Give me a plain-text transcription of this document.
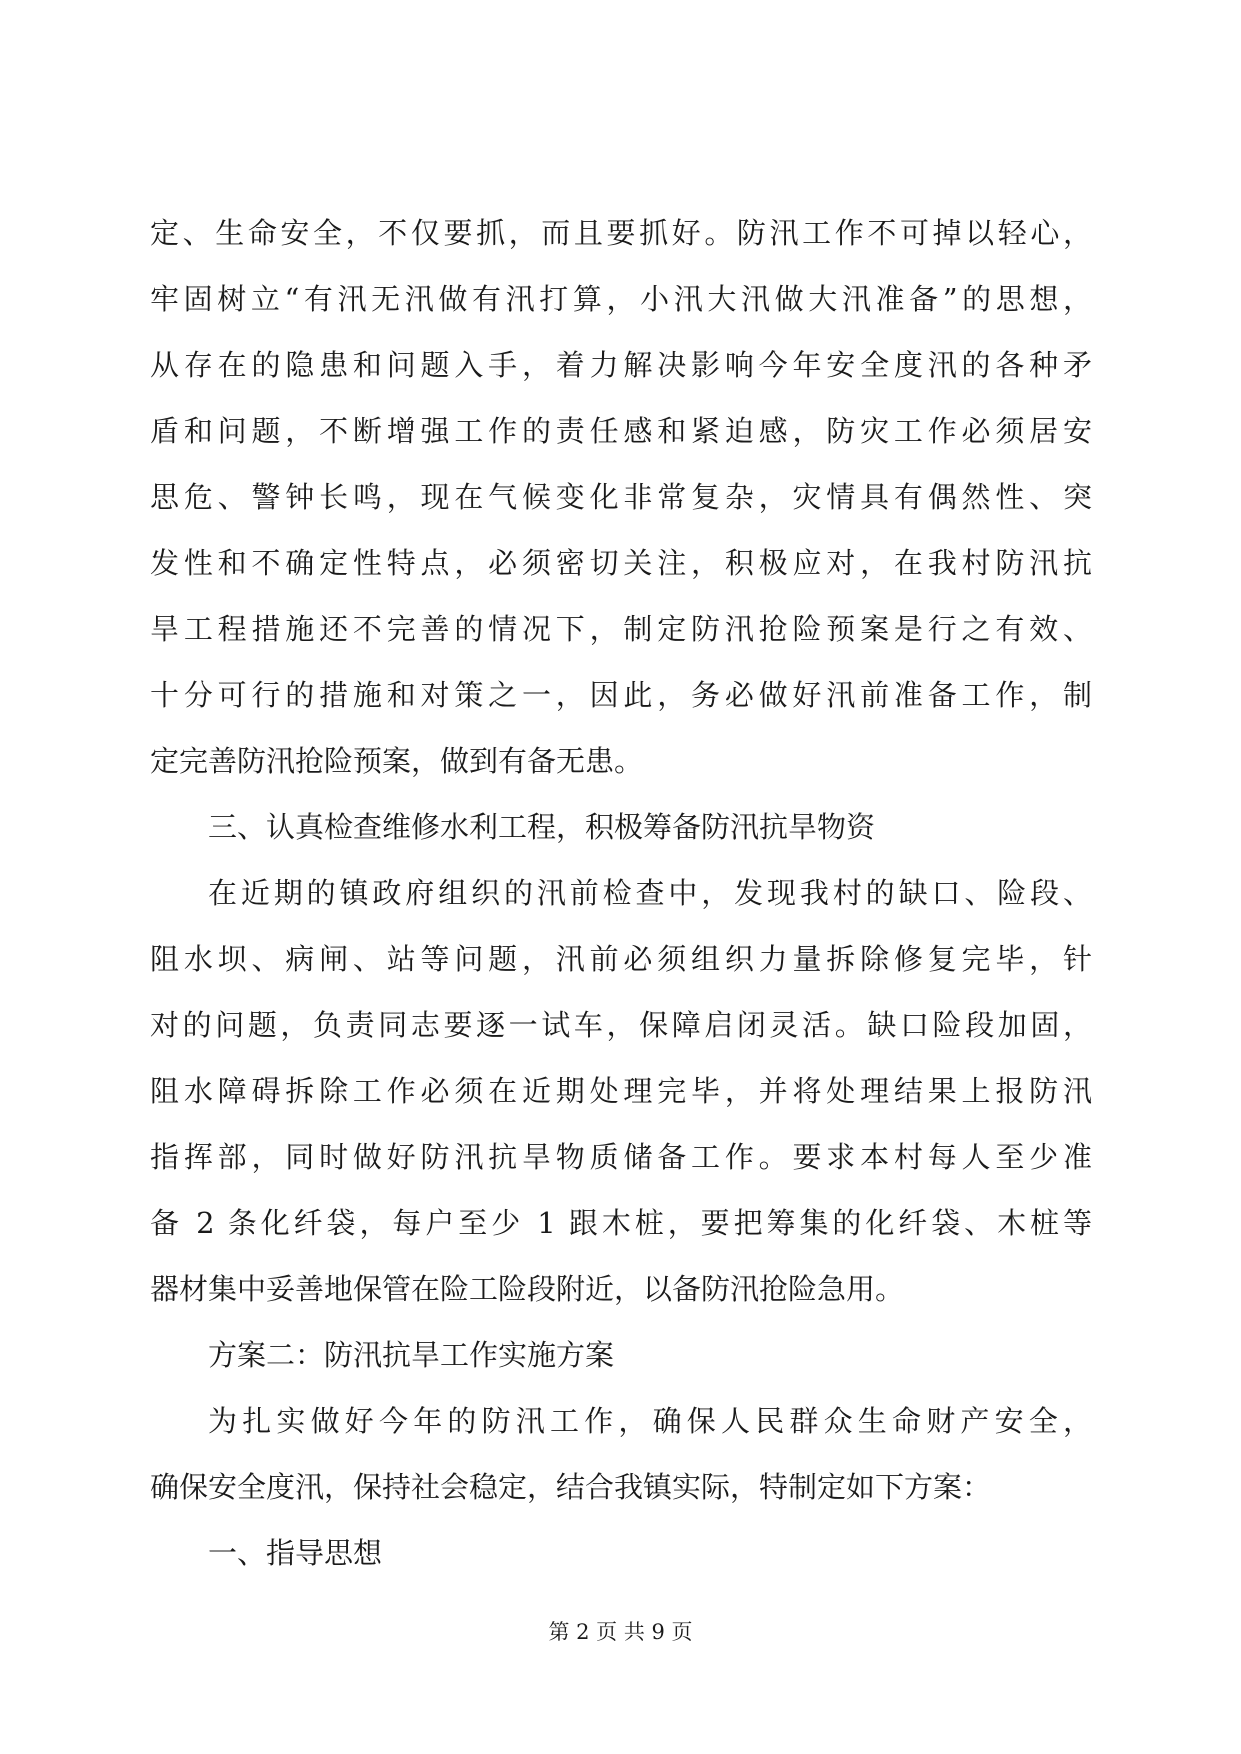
定、生命安全，不仅要抓，而且要抓好。防汛工作不可掉以轻心，
牢固树立“有汛无汛做有汛打算，小汛大汛做大汛准备”的思想，
从存在的隐患和问题入手，着力解决影响今年安全度汛的各种矛
盾和问题，不断增强工作的责任感和紧迫感，防灾工作必须居安
思危、警钟长鸣，现在气候变化非常复杂，灾情具有偶然性、突
发性和不确定性特点，必须密切关注，积极应对，在我村防汛抗
旱工程措施还不完善的情况下，制定防汛抢险预案是行之有效、
十分可行的措施和对策之一，因此，务必做好汛前准备工作，制
定完善防汛抢险预案，做到有备无患。
三、认真检查维修水利工程，积极筹备防汛抗旱物资
在近期的镇政府组织的汛前检查中，发现我村的缺口、险段、
阻水坝、病闸、站等问题，汛前必须组织力量拆除修复完毕，针
对的问题，负责同志要逐一试车，保障启闭灵活。缺口险段加固，
阻水障碍拆除工作必须在近期处理完毕，并将处理结果上报防汛
指挥部，同时做好防汛抗旱物质储备工作。要求本村每人至少准
备 2 条化纤袋，每户至少 1 跟木桩，要把筹集的化纤袋、木桩等
器材集中妥善地保管在险工险段附近，以备防汛抢险急用。
方案二：防汛抗旱工作实施方案
为扎实做好今年的防汛工作，确保人民群众生命财产安全，
确保安全度汛，保持社会稳定，结合我镇实际，特制定如下方案：
一、指导思想
第 2 页 共 9 页
